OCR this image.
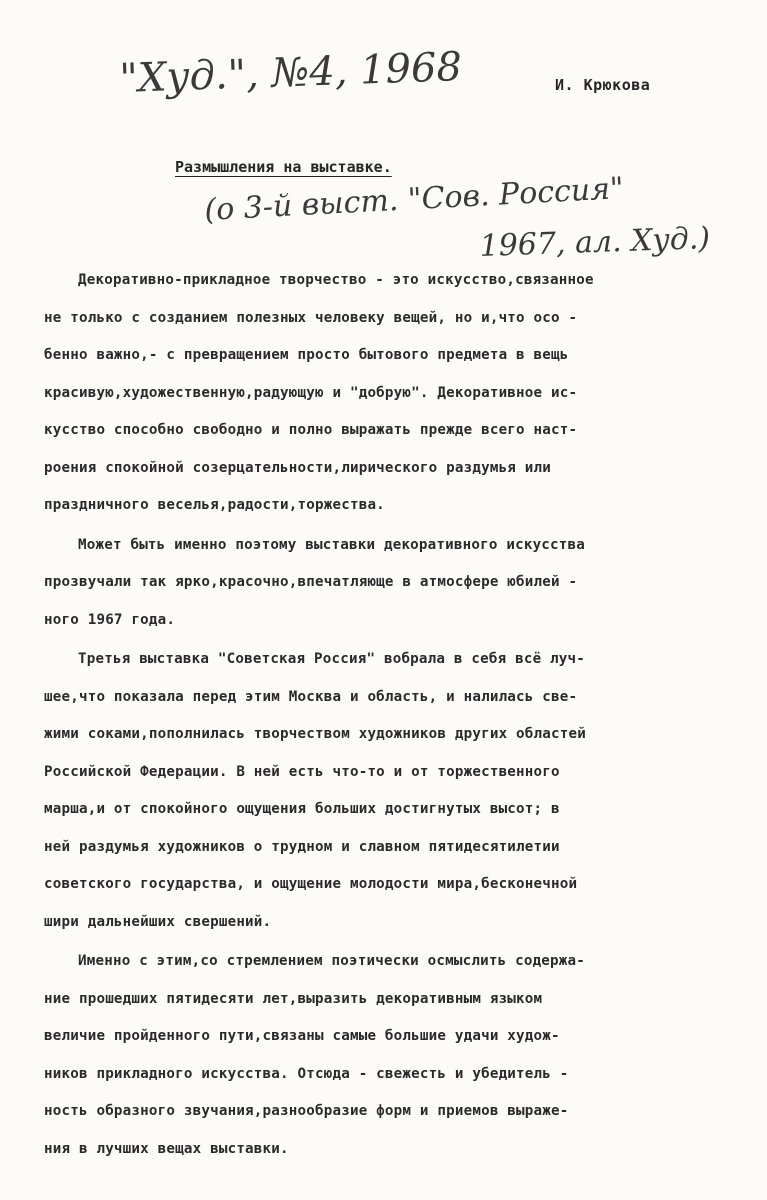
"Худ.", №4, 1968	И. Крюкова
Размышления на выставке.
(о 3-й выст. "Сов. Россия"
1967, ал. Худ.)
Декоративно-прикладное творчество - это искусство,связанное
не только с созданием полезных человеку вещей, но и,что осо -
бенно важно,- с превращением просто бытового предмета в вещь
красивую,художественную,радующую и "добрую". Декоративное ис-
кусство способно свободно и полно выражать прежде всего наст-
роения спокойной созерцательности,лирического раздумья или
праздничного веселья,радости,торжества.
Может быть именно поэтому выставки декоративного искусства
прозвучали так ярко,красочно,впечатляюще в атмосфере юбилей -
ного 1967 года.
Третья выставка "Советская Россия" вобрала в себя всё луч-
шее,что показала перед этим Москва и область, и налилась све-
жими соками,пополнилась творчеством художников других областей
Российской Федерации. В ней есть что-то и от торжественного
марша,и от спокойного ощущения больших достигнутых высот; в
ней раздумья художников о трудном и славном пятидесятилетии
советского государства, и ощущение молодости мира,бесконечной
шири дальнейших свершений.
Именно с этим,со стремлением поэтически осмыслить содержа-
ние прошедших пятидесяти лет,выразить декоративным языком
величие пройденного пути,связаны самые большие удачи худож-
ников прикладного искусства. Отсюда - свежесть и убедитель -
ность образного звучания,разнообразие форм и приемов выраже-
ния в лучших вещах выставки.
